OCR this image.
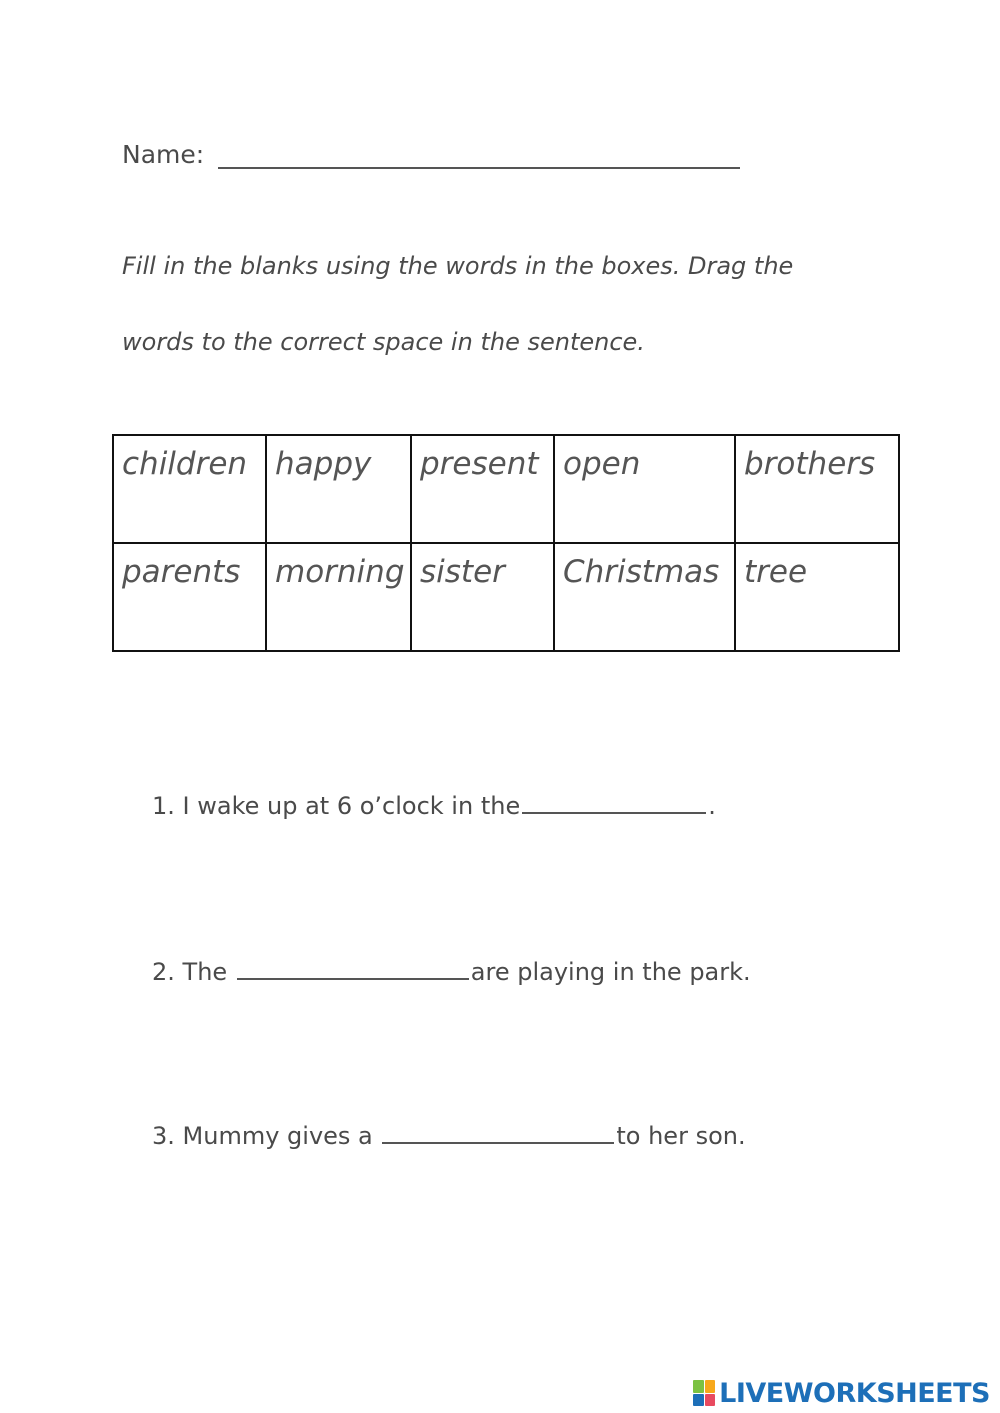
Name:

Fill in the blanks using the words in the boxes. Drag the

words to the correct space in the sentence.

children	happy	present	open	brothers
parents	morning	sister	Christmas	tree
1. I wake up at 6 o’clock in the	.
2. The	are playing in the park.
3. Mummy gives a	to her son.
LIVEWORKSHEETS
